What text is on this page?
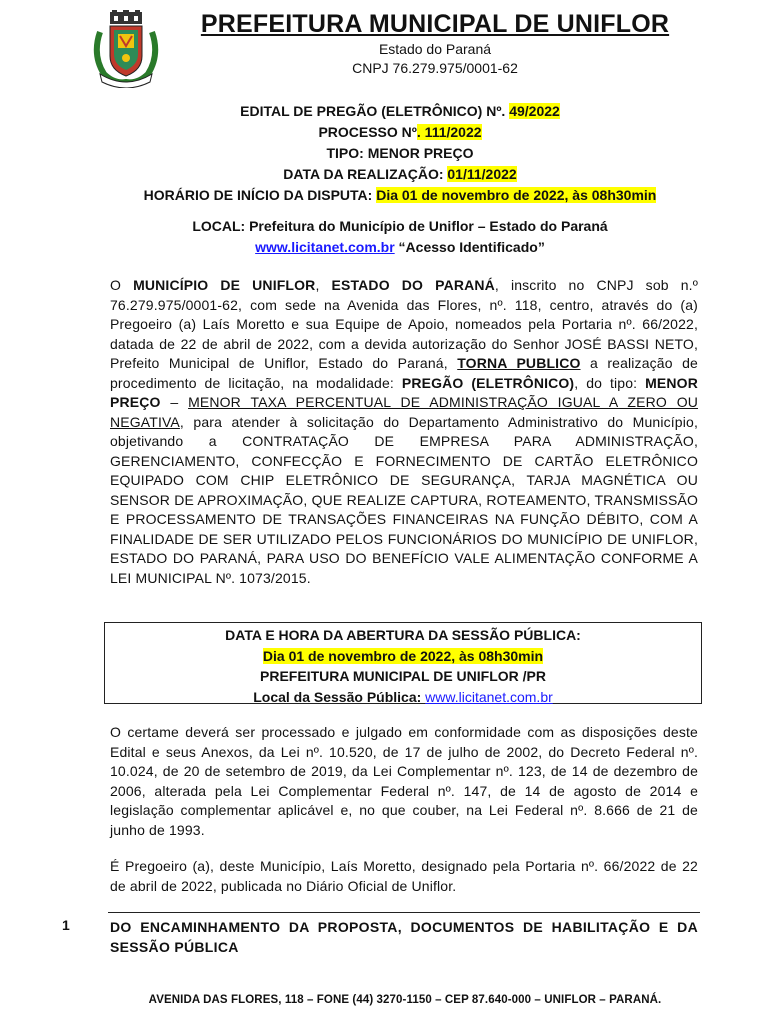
PREFEITURA MUNICIPAL DE UNIFLOR
Estado do Paraná
CNPJ 76.279.975/0001-62
EDITAL DE PREGÃO (ELETRÔNICO) Nº. 49/2022
PROCESSO Nº. 111/2022
TIPO: MENOR PREÇO
DATA DA REALIZAÇÃO: 01/11/2022
HORÁRIO DE INÍCIO DA DISPUTA: Dia 01 de novembro de 2022, às 08h30min
LOCAL: Prefeitura do Município de Uniflor – Estado do Paraná
www.licitanet.com.br “Acesso Identificado”
O MUNICÍPIO DE UNIFLOR, ESTADO DO PARANÁ, inscrito no CNPJ sob n.º 76.279.975/0001-62, com sede na Avenida das Flores, nº. 118, centro, através do (a) Pregoeiro (a) Laís Moretto e sua Equipe de Apoio, nomeados pela Portaria nº. 66/2022, datada de 22 de abril de 2022, com a devida autorização do Senhor JOSÉ BASSI NETO, Prefeito Municipal de Uniflor, Estado do Paraná, TORNA PUBLICO a realização de procedimento de licitação, na modalidade: PREGÃO (ELETRÔNICO), do tipo: MENOR PREÇO – MENOR TAXA PERCENTUAL DE ADMINISTRAÇÃO IGUAL A ZERO OU NEGATIVA, para atender à solicitação do Departamento Administrativo do Município, objetivando a CONTRATAÇÃO DE EMPRESA PARA ADMINISTRAÇÃO, GERENCIAMENTO, CONFECÇÃO E FORNECIMENTO DE CARTÃO ELETRÔNICO EQUIPADO COM CHIP ELETRÔNICO DE SEGURANÇA, TARJA MAGNÉTICA OU SENSOR DE APROXIMAÇÃO, QUE REALIZE CAPTURA, ROTEAMENTO, TRANSMISSÃO E PROCESSAMENTO DE TRANSAÇÕES FINANCEIRAS NA FUNÇÃO DÉBITO, COM A FINALIDADE DE SER UTILIZADO PELOS FUNCIONÁRIOS DO MUNICÍPIO DE UNIFLOR, ESTADO DO PARANÁ, PARA USO DO BENEFÍCIO VALE ALIMENTAÇÃO CONFORME A LEI MUNICIPAL Nº. 1073/2015.
DATA E HORA DA ABERTURA DA SESSÃO PÚBLICA:
Dia 01 de novembro de 2022, às 08h30min
PREFEITURA MUNICIPAL DE UNIFLOR /PR
Local da Sessão Pública: www.licitanet.com.br
O certame deverá ser processado e julgado em conformidade com as disposições deste Edital e seus Anexos, da Lei nº. 10.520, de 17 de julho de 2002, do Decreto Federal nº. 10.024, de 20 de setembro de 2019, da Lei Complementar nº. 123, de 14 de dezembro de 2006, alterada pela Lei Complementar Federal nº. 147, de 14 de agosto de 2014 e legislação complementar aplicável e, no que couber, na Lei Federal nº. 8.666 de 21 de junho de 1993.
É Pregoeiro (a), deste Município, Laís Moretto, designado pela Portaria nº. 66/2022 de 22 de abril de 2022, publicada no Diário Oficial de Uniflor.
1	DO ENCAMINHAMENTO DA PROPOSTA, DOCUMENTOS DE HABILITAÇÃO E DA SESSÃO PÚBLICA
AVENIDA DAS FLORES, 118 – FONE (44) 3270-1150 – CEP 87.640-000 – UNIFLOR – PARANÁ.
